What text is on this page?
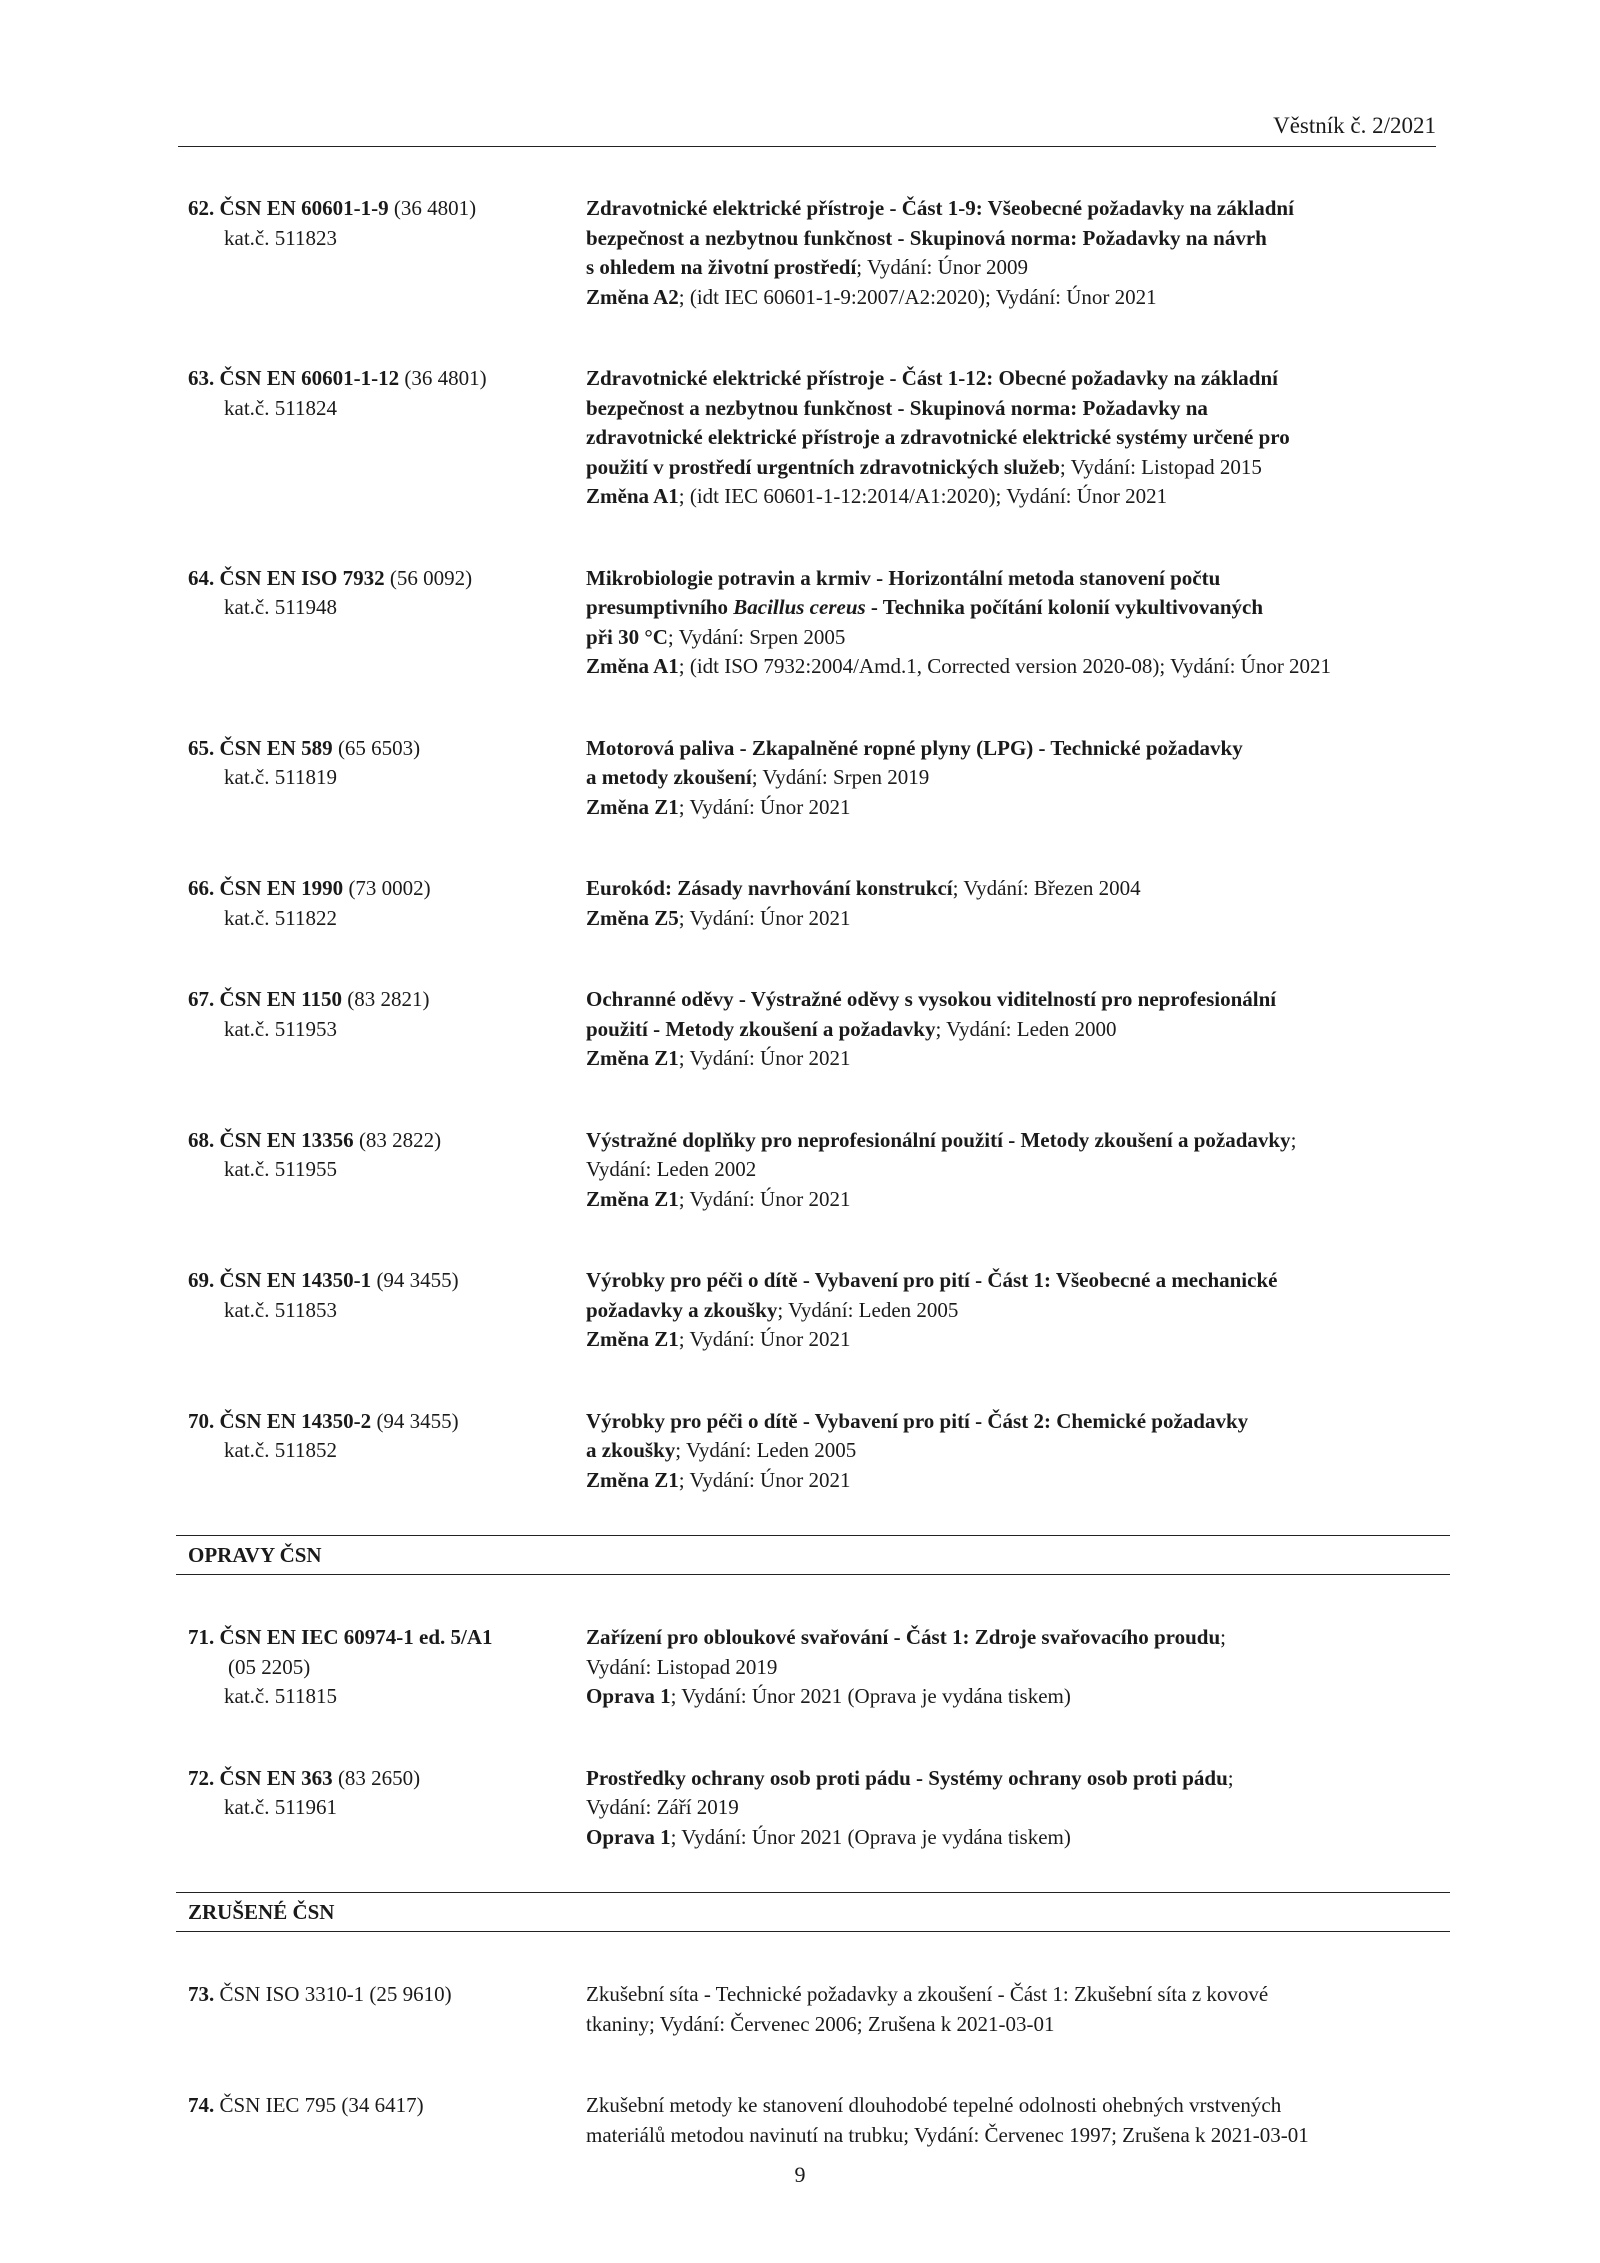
Věstník č. 2/2021
62. ČSN EN 60601-1-9 (36 4801)
kat.č. 511823
Zdravotnické elektrické přístroje - Část 1-9: Všeobecné požadavky na základní
bezpečnost a nezbytnou funkčnost - Skupinová norma: Požadavky na návrh
s ohledem na životní prostředí; Vydání: Únor 2009
Změna A2; (idt IEC 60601-1-9:2007/A2:2020); Vydání: Únor 2021
63. ČSN EN 60601-1-12 (36 4801)
kat.č. 511824
Zdravotnické elektrické přístroje - Část 1-12: Obecné požadavky na základní
bezpečnost a nezbytnou funkčnost - Skupinová norma: Požadavky na
zdravotnické elektrické přístroje a zdravotnické elektrické systémy určené pro
použití v prostředí urgentních zdravotnických služeb; Vydání: Listopad 2015
Změna A1; (idt IEC 60601-1-12:2014/A1:2020); Vydání: Únor 2021
64. ČSN EN ISO 7932 (56 0092)
kat.č. 511948
Mikrobiologie potravin a krmiv - Horizontální metoda stanovení počtu
presumptivního Bacillus cereus - Technika počítání kolonií vykultivovaných
při 30 °C; Vydání: Srpen 2005
Změna A1; (idt ISO 7932:2004/Amd.1, Corrected version 2020-08); Vydání: Únor 2021
65. ČSN EN 589 (65 6503)
kat.č. 511819
Motorová paliva - Zkapalněné ropné plyny (LPG) - Technické požadavky
a metody zkoušení; Vydání: Srpen 2019
Změna Z1; Vydání: Únor 2021
66. ČSN EN 1990 (73 0002)
kat.č. 511822
Eurokód: Zásady navrhování konstrukcí; Vydání: Březen 2004
Změna Z5; Vydání: Únor 2021
67. ČSN EN 1150 (83 2821)
kat.č. 511953
Ochranné oděvy - Výstražné oděvy s vysokou viditelností pro neprofesionální
použití - Metody zkoušení a požadavky; Vydání: Leden 2000
Změna Z1; Vydání: Únor 2021
68. ČSN EN 13356 (83 2822)
kat.č. 511955
Výstražné doplňky pro neprofesionální použití - Metody zkoušení a požadavky;
Vydání: Leden 2002
Změna Z1; Vydání: Únor 2021
69. ČSN EN 14350-1 (94 3455)
kat.č. 511853
Výrobky pro péči o dítě - Vybavení pro pití - Část 1: Všeobecné a mechanické
požadavky a zkoušky; Vydání: Leden 2005
Změna Z1; Vydání: Únor 2021
70. ČSN EN 14350-2 (94 3455)
kat.č. 511852
Výrobky pro péči o dítě - Vybavení pro pití - Část 2: Chemické požadavky
a zkoušky; Vydání: Leden 2005
Změna Z1; Vydání: Únor 2021
OPRAVY ČSN
71. ČSN EN IEC 60974-1 ed. 5/A1
(05 2205)
kat.č. 511815
Zařízení pro obloukové svařování - Část 1: Zdroje svařovacího proudu;
Vydání: Listopad 2019
Oprava 1; Vydání: Únor 2021 (Oprava je vydána tiskem)
72. ČSN EN 363 (83 2650)
kat.č. 511961
Prostředky ochrany osob proti pádu - Systémy ochrany osob proti pádu;
Vydání: Září 2019
Oprava 1; Vydání: Únor 2021 (Oprava je vydána tiskem)
ZRUŠENÉ ČSN
73. ČSN ISO 3310-1 (25 9610)	Zkušební síta - Technické požadavky a zkoušení - Část 1: Zkušební síta z kovové
tkaniny; Vydání: Červenec 2006; Zrušena k 2021-03-01
74. ČSN IEC 795 (34 6417)	Zkušební metody ke stanovení dlouhodobé tepelné odolnosti ohebných vrstvených
materiálů metodou navinutí na trubku; Vydání: Červenec 1997; Zrušena k 2021-03-01
9
